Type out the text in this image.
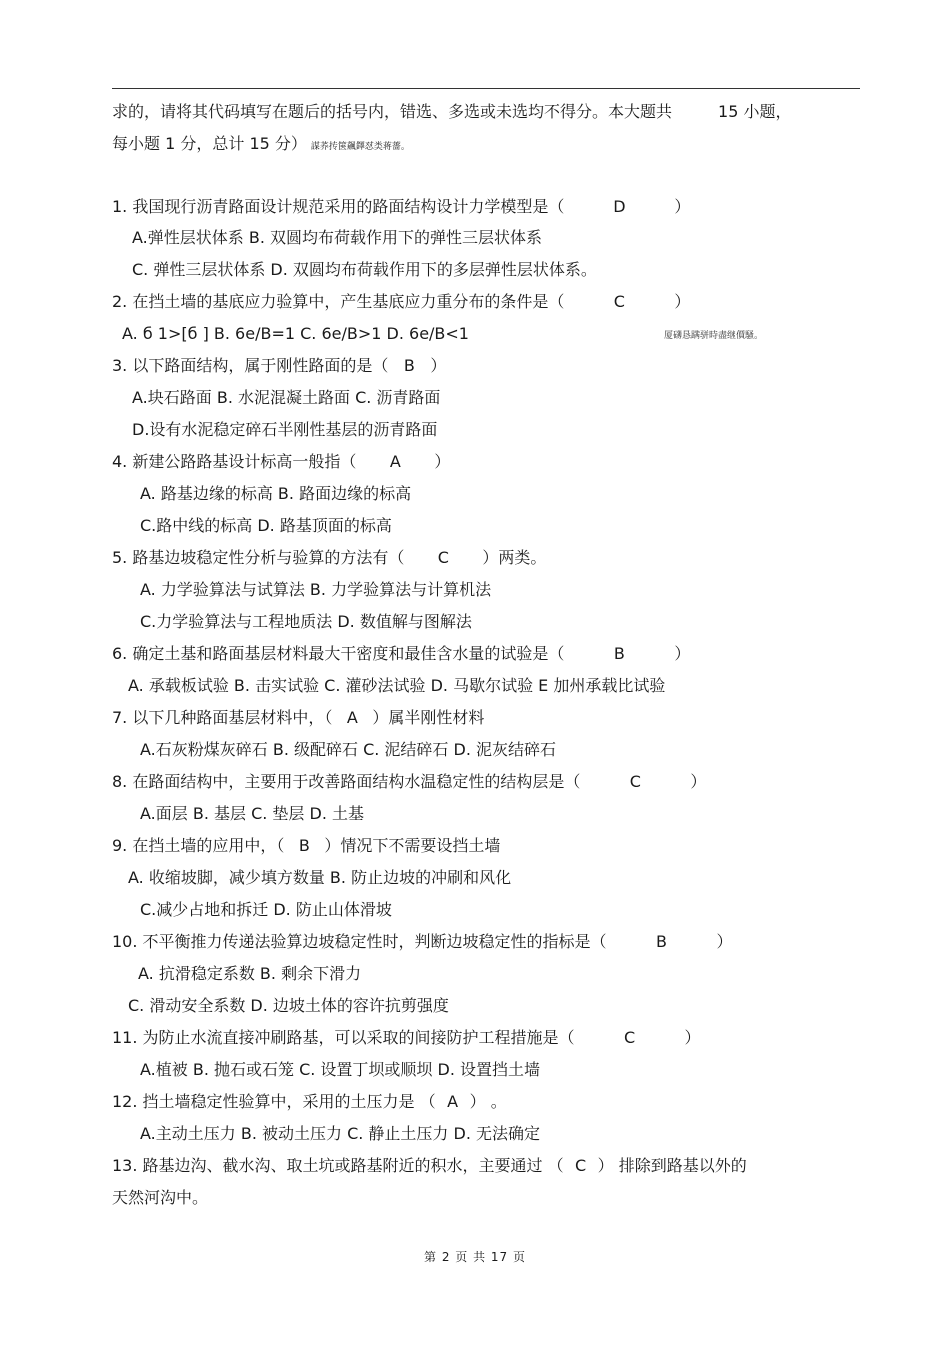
求的，请将其代码填写在题后的括号内，错选、多选或未选均不得分。本大题共	15 小题，
每小题 1 分，总计 15 分） 謀荞抟箧飆鐸怼类蒋薔。
1. 我国现行沥青路面设计规范采用的路面结构设计力学模型是（	D	）
A.弹性层状体系 B. 双圆均布荷载作用下的弹性三层状体系
C. 弹性三层状体系 D. 双圆均布荷载作用下的多层弹性层状体系。
2. 在挡土墙的基底应力验算中，产生基底应力重分布的条件是（	C	）
A. б 1>[б ] B. 6e/B=1 C. 6e/B>1 D. 6e/B<1	厦礴恳蹒骈時盡继價騷。
3. 以下路面结构，属于刚性路面的是（ B ）
A.块石路面 B. 水泥混凝土路面 C. 沥青路面
D.设有水泥稳定碎石半刚性基层的沥青路面
4. 新建公路路基设计标高一般指（ A ）
A. 路基边缘的标高 B. 路面边缘的标高
C.路中线的标高 D. 路基顶面的标高
5. 路基边坡稳定性分析与验算的方法有（ C ）两类。
A. 力学验算法与试算法 B. 力学验算法与计算机法
C.力学验算法与工程地质法 D. 数值解与图解法
6. 确定土基和路面基层材料最大干密度和最佳含水量的试验是（	B	）
A. 承载板试验 B. 击实试验 C. 灌砂法试验 D. 马歇尔试验 E 加州承载比试验
7. 以下几种路面基层材料中，（ A ）属半刚性材料
A.石灰粉煤灰碎石 B. 级配碎石 C. 泥结碎石 D. 泥灰结碎石
8. 在路面结构中，主要用于改善路面结构水温稳定性的结构层是（	C	）
A.面层 B. 基层 C. 垫层 D. 土基
9. 在挡土墙的应用中，（ B ）情况下不需要设挡土墙
A. 收缩坡脚，减少填方数量 B. 防止边坡的冲刷和风化
C.减少占地和拆迁 D. 防止山体滑坡
10. 不平衡推力传递法验算边坡稳定性时，判断边坡稳定性的指标是（	B	）
A. 抗滑稳定系数 B. 剩余下滑力
C. 滑动安全系数 D. 边坡土体的容许抗剪强度
11. 为防止水流直接冲刷路基，可以采取的间接防护工程措施是（	C	）
A.植被 B. 抛石或石笼 C. 设置丁坝或顺坝 D. 设置挡土墙
12. 挡土墙稳定性验算中，采用的土压力是 （ A ） 。
A.主动土压力 B. 被动土压力 C. 静止土压力 D. 无法确定
13. 路基边沟、截水沟、取土坑或路基附近的积水，主要通过 （ C ） 排除到路基以外的
天然河沟中。
第 2 页 共 17 页
